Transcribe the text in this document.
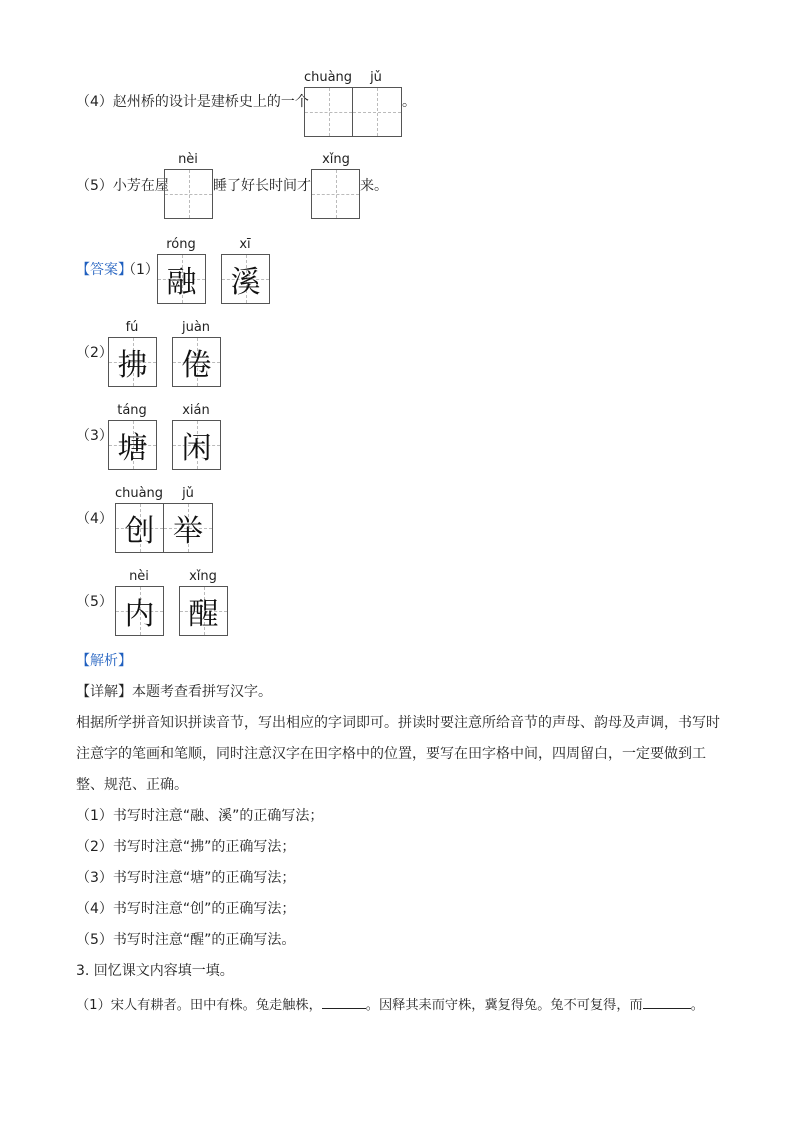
chuàng	jǔ
（4）赵州桥的设计是建桥史上的一个	。
nèi	xǐng
（5）小芳在屋	睡了好长时间才	来。
róng	xī
【答案】
（1） 融 溪
fú	juàn
（2） 拂 倦
táng	xián
（3） 塘 闲
chuàng	jǔ
（4） 创 举
nèi	xǐng
（5） 内 醒
【解析】
【详解】本题考查看拼写汉字。
相据所学拼音知识拼读音节，写出相应的字词即可。拼读时要注意所给音节的声母、韵母及声调，书写时
注意字的笔画和笔顺，同时注意汉字在田字格中的位置，要写在田字格中间，四周留白，一定要做到工
整、规范、正确。
（1）书写时注意“融、溪”的正确写法；
（2）书写时注意“拂”的正确写法；
（3）书写时注意“塘”的正确写法；
（4）书写时注意“创”的正确写法；
（5）书写时注意“醒”的正确写法。
3. 回忆课文内容填一填。
（1）宋人有耕者。田中有株。兔走触株，	。因释其耒而守株，冀复得兔。兔不可复得，而	。
